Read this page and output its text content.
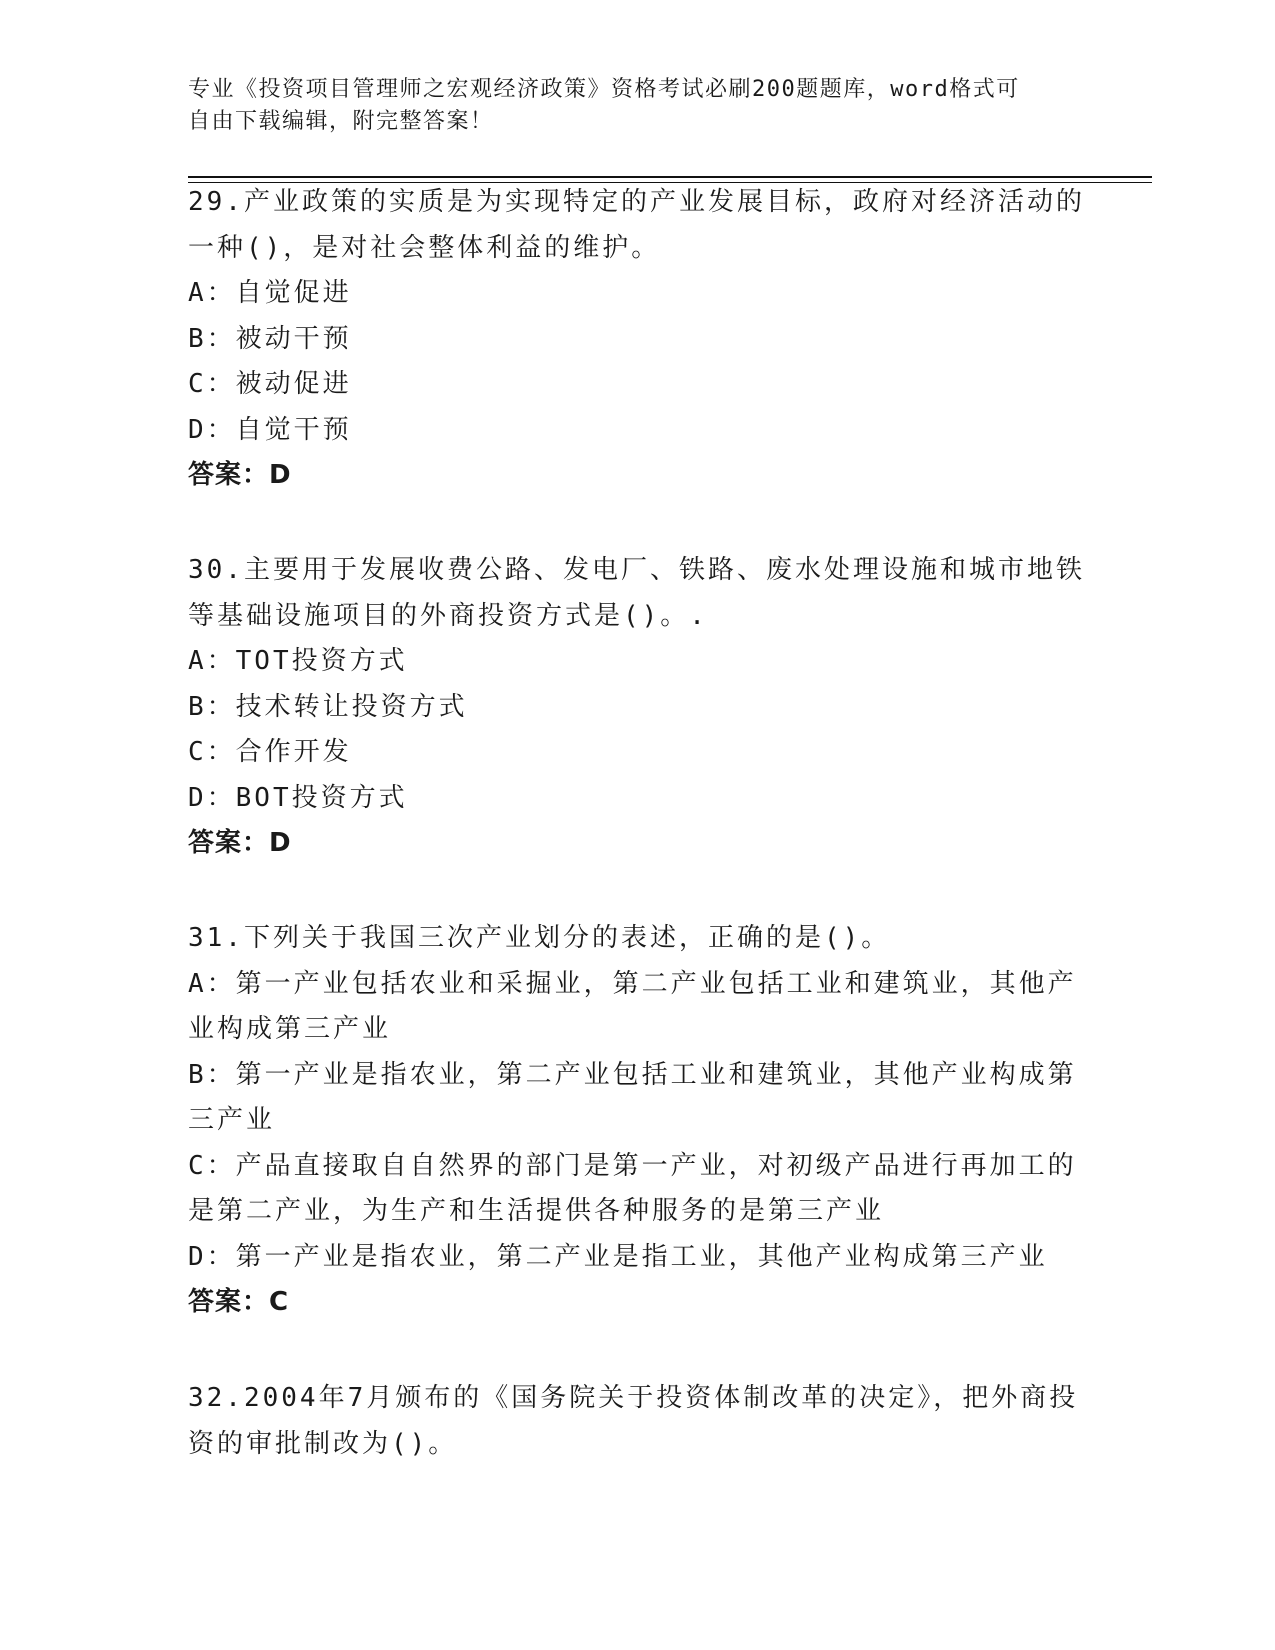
专业《投资项目管理师之宏观经济政策》资格考试必刷200题题库，word格式可
自由下载编辑，附完整答案！
29.产业政策的实质是为实现特定的产业发展目标，政府对经济活动的
一种()，是对社会整体利益的维护。
A：自觉促进
B：被动干预
C：被动促进
D：自觉干预
答案：D
30.主要用于发展收费公路、发电厂、铁路、废水处理设施和城市地铁
等基础设施项目的外商投资方式是()。.
A：TOT投资方式
B：技术转让投资方式
C：合作开发
D：BOT投资方式
答案：D
31.下列关于我国三次产业划分的表述，正确的是()。
A：第一产业包括农业和采掘业，第二产业包括工业和建筑业，其他产
业构成第三产业
B：第一产业是指农业，第二产业包括工业和建筑业，其他产业构成第
三产业
C：产品直接取自自然界的部门是第一产业，对初级产品进行再加工的
是第二产业，为生产和生活提供各种服务的是第三产业
D：第一产业是指农业，第二产业是指工业，其他产业构成第三产业
答案：C
32.2004年7月颁布的《国务院关于投资体制改革的决定》，把外商投
资的审批制改为()。
